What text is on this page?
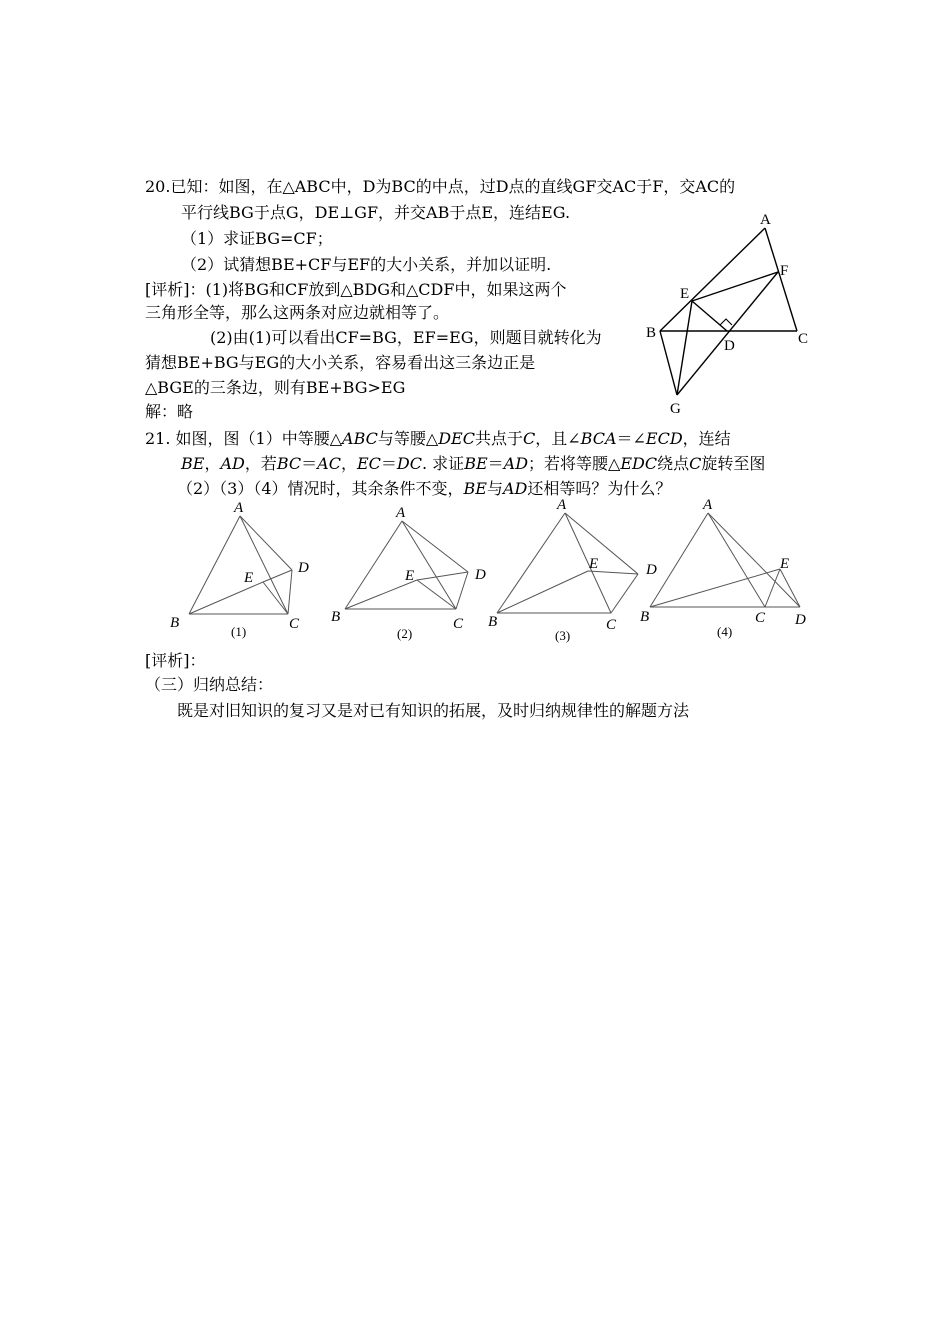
20.已知：如图，在△ABC中，D为BC的中点，过D点的直线GF交AC于F，交AC的
平行线BG于点G，DE⊥GF，并交AB于点E，连结EG.
（1）求证BG=CF；
（2）试猜想BE+CF与EF的大小关系，并加以证明.
[评析]：(1)将BG和CF放到△BDG和△CDF中，如果这两个
三角形全等，那么这两条对应边就相等了。
(2)由(1)可以看出CF=BG，EF=EG，则题目就转化为
猜想BE+BG与EG的大小关系，容易看出这三条边正是
△BGE的三条边，则有BE+BG>EG
解：略
A
F
E
B	C
D
G
21. 如图，图（1）中等腰△ABC与等腰△DEC共点于C，且∠BCA＝∠ECD，连结
BE，AD，若BC＝AC，EC＝DC. 求证BE＝AD；若将等腰△EDC绕点C旋转至图
（2）（3）（4）情况时，其余条件不变，BE与AD还相等吗？为什么？
A
E
D
B	C
(1)
A
E	D
B	C
(2)
A
E	D
B	C
(3)
A
E
B	C D
(4)
[评析]：
（三）归纳总结：
既是对旧知识的复习又是对已有知识的拓展，及时归纳规律性的解题方法
